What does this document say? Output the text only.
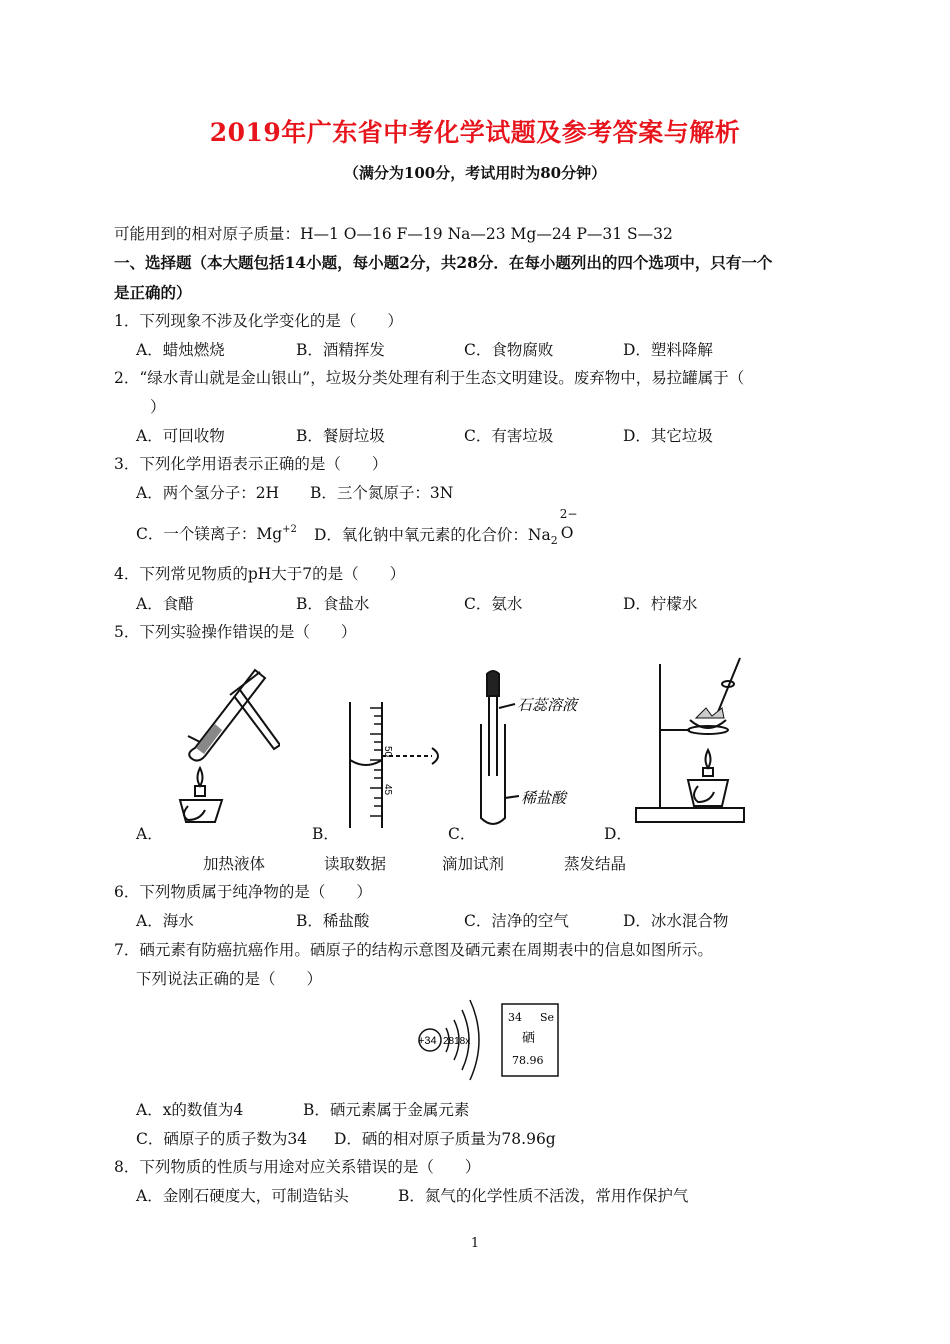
2019年广东省中考化学试题及参考答案与解析
（满分为100分，考试用时为80分钟）
可能用到的相对原子质量：H—1 O—16 F—19 Na—23 Mg—24 P—31 S—32
一、选择题（本大题包括14小题，每小题2分，共28分．在每小题列出的四个选项中，只有一个
是正确的）
1．下列现象不涉及化学变化的是（　　）
A．蜡烛燃烧	B．酒精挥发	C．食物腐败	D．塑料降解
2．“绿水青山就是金山银山”，垃圾分类处理有利于生态文明建设。废弃物中，易拉罐属于（
）
A．可回收物	B．餐厨垃圾	C．有害垃圾	D．其它垃圾
3．下列化学用语表示正确的是（　　）
A．两个氢分子：2H B．三个氮原子：3N
C．一个镁离子：$Mg^{+2}$ D．氧化钠中氧元素的化合价：$Na_2$
2−
O
4．下列常见物质的pH大于7的是（　　）
A．食醋	B．食盐水	C．氨水	D．柠檬水
5．下列实验操作错误的是（　　）
A．
50
45
B．
石蕊溶液
稀盐酸
C．	D．
加热液体	读取数据	滴加试剂	蒸发结晶
6．下列物质属于纯净物的是（　　）
A．海水	B．稀盐酸	C．洁净的空气	D．冰水混合物
7．硒元素有防癌抗癌作用。硒原子的结构示意图及硒元素在周期表中的信息如图所示。
下列说法正确的是（　　）
+34 2818x
34 Se
硒
78.96
A．x的数值为4	B．硒元素属于金属元素
C．硒原子的质子数为34 D．硒的相对原子质量为78.96g
8．下列物质的性质与用途对应关系错误的是（　　）
A．金刚石硬度大，可制造钻头	B．氮气的化学性质不活泼，常用作保护气
1
